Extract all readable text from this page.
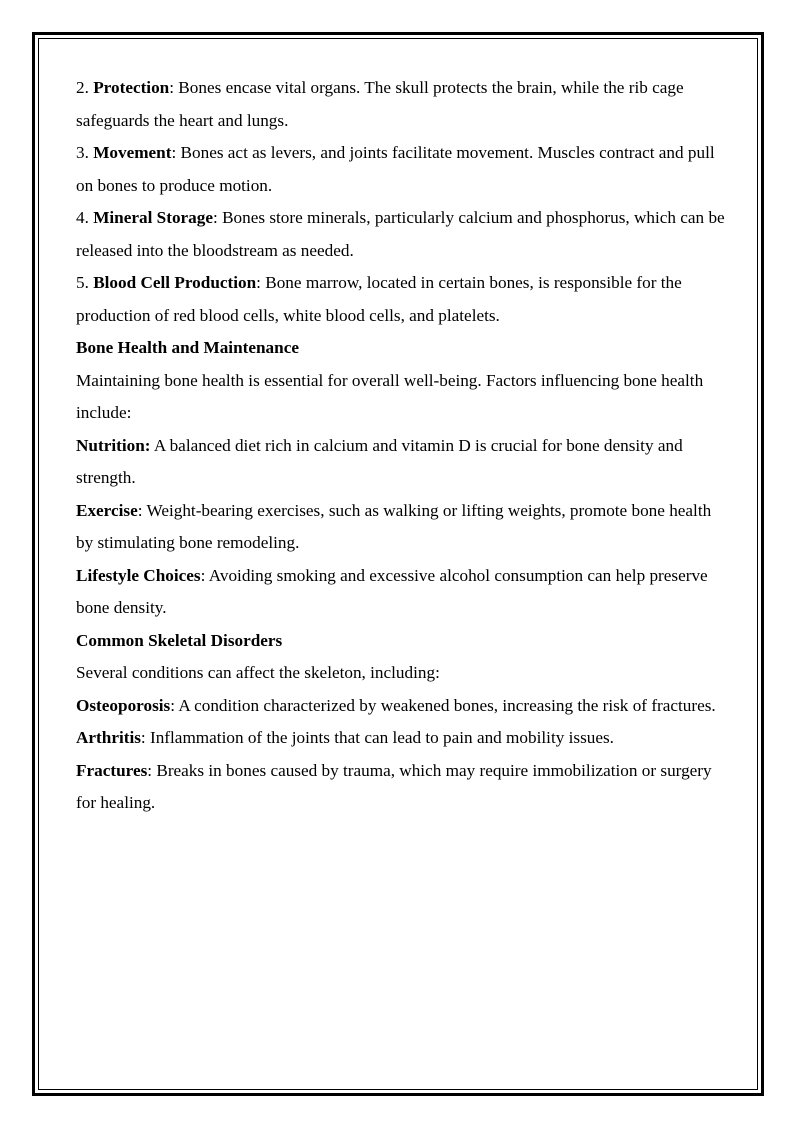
2. Protection: Bones encase vital organs. The skull protects the brain, while the rib cage safeguards the heart and lungs.

3. Movement: Bones act as levers, and joints facilitate movement. Muscles contract and pull on bones to produce motion.

4. Mineral Storage: Bones store minerals, particularly calcium and phosphorus, which can be released into the bloodstream as needed.

5. Blood Cell Production: Bone marrow, located in certain bones, is responsible for the production of red blood cells, white blood cells, and platelets.

Bone Health and Maintenance

Maintaining bone health is essential for overall well-being. Factors influencing bone health include:

Nutrition: A balanced diet rich in calcium and vitamin D is crucial for bone density and strength.

Exercise: Weight-bearing exercises, such as walking or lifting weights, promote bone health by stimulating bone remodeling.

Lifestyle Choices: Avoiding smoking and excessive alcohol consumption can help preserve bone density.

Common Skeletal Disorders

Several conditions can affect the skeleton, including:

Osteoporosis: A condition characterized by weakened bones, increasing the risk of fractures.

Arthritis: Inflammation of the joints that can lead to pain and mobility issues.

Fractures: Breaks in bones caused by trauma, which may require immobilization or surgery for healing.
